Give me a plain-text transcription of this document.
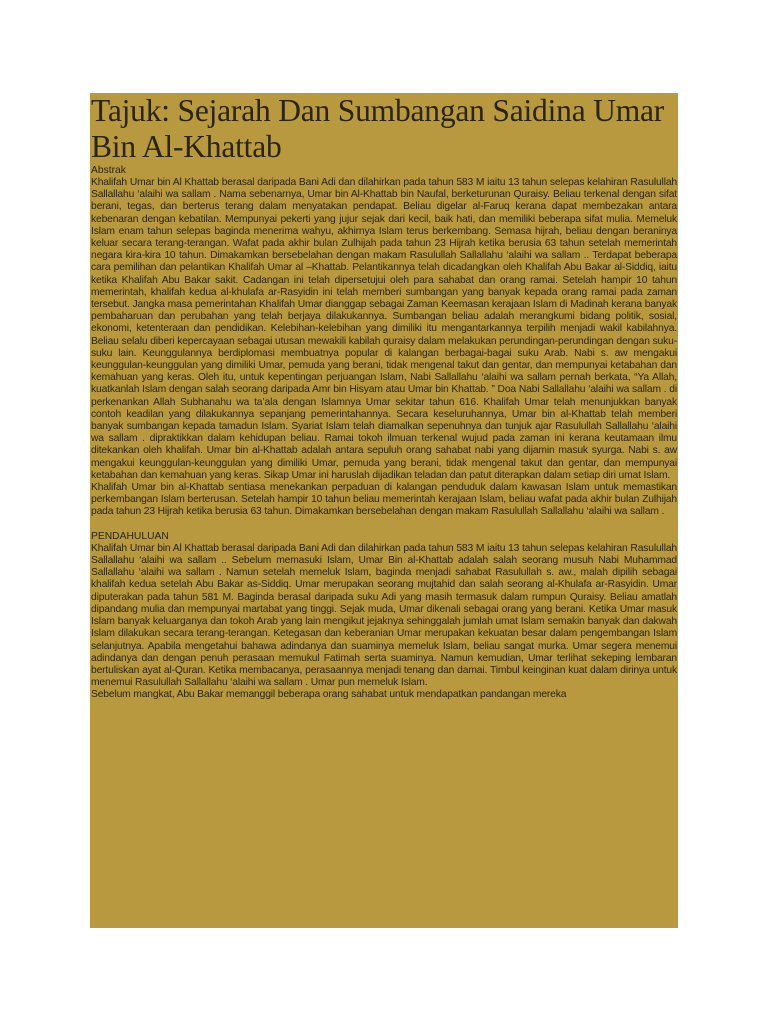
Tajuk: Sejarah Dan Sumbangan Saidina Umar Bin Al-Khattab
Abstrak

Khalifah Umar bin Al Khattab berasal daripada Bani Adi dan dilahirkan pada tahun 583 M iaitu 13 tahun selepas kelahiran Rasulullah Sallallahu ‘alaihi wa sallam . Nama sebenarnya, Umar bin Al-Khattab bin Naufal, berketurunan Quraisy. Beliau terkenal dengan sifat berani, tegas, dan berterus terang dalam menyatakan pendapat. Beliau digelar al-Faruq kerana dapat membezakan antara kebenaran dengan kebatilan. Mempunyai pekerti yang jujur sejak dari kecil, baik hati, dan memiliki beberapa sifat mulia. Memeluk Islam enam tahun selepas baginda menerima wahyu, akhirnya Islam terus berkembang. Semasa hijrah, beliau dengan beraninya keluar secara terang-terangan. Wafat pada akhir bulan Zulhijah pada tahun 23 Hijrah ketika berusia 63 tahun setelah memerintah negara kira-kira 10 tahun. Dimakamkan bersebelahan dengan makam Rasulullah Sallallahu ‘alaihi wa sallam .. Terdapat beberapa cara pemilihan dan pelantikan Khalifah Umar al –Khattab. Pelantikannya telah dicadangkan oleh Khalifah Abu Bakar al-Siddiq, iaitu ketika Khalifah Abu Bakar sakit. Cadangan ini telah dipersetujui oleh para sahabat dan orang ramai. Setelah hampir 10 tahun memerintah, khalifah kedua al-khulafa ar-Rasyidin ini telah memberi sumbangan yang banyak kepada orang ramai pada zaman tersebut. Jangka masa pemerintahan Khalifah Umar dianggap sebagai Zaman Keemasan kerajaan Islam di Madinah kerana banyak pembaharuan dan perubahan yang telah berjaya dilakukannya. Sumbangan beliau adalah merangkumi bidang politik, sosial, ekonomi, ketenteraan dan pendidikan. Kelebihan-kelebihan yang dimiliki itu mengantarkannya terpilih menjadi wakil kabilahnya. Beliau selalu diberi kepercayaan sebagai utusan mewakili kabilah quraisy dalam melakukan perundingan-perundingan dengan suku-suku lain. Keunggulannya berdiplomasi membuatnya popular di kalangan berbagai-bagai suku Arab. Nabi s. aw mengakui keunggulan-keunggulan yang dimiliki Umar, pemuda yang berani, tidak mengenal takut dan gentar, dan mempunyai ketabahan dan kemahuan yang keras. Oleh itu, untuk kepentingan perjuangan Islam, Nabi Sallallahu ‘alaihi wa sallam pernah berkata, “Ya Allah, kuatkanlah Islam dengan salah seorang daripada Amr bin Hisyam atau Umar bin Khattab. ” Doa Nabi Sallallahu ‘alaihi wa sallam . di perkenankan Allah Subhanahu wa ta’ala dengan Islamnya Umar sekitar tahun 616. Khalifah Umar telah menunjukkan banyak contoh keadilan yang dilakukannya sepanjang pemerintahannya. Secara keseluruhannya, Umar bin al-Khattab telah memberi banyak sumbangan kepada tamadun Islam. Syariat Islam telah diamalkan sepenuhnya dan tunjuk ajar Rasulullah Sallallahu ‘alaihi wa sallam . dipraktikkan dalam kehidupan beliau. Ramai tokoh ilmuan terkenal wujud pada zaman ini kerana keutamaan ilmu ditekankan oleh khalifah. Umar bin al-Khattab adalah antara sepuluh orang sahabat nabi yang dijamin masuk syurga. Nabi s. aw mengakui keunggulan-keunggulan yang dimiliki Umar, pemuda yang berani, tidak mengenal takut dan gentar, dan mempunyai ketabahan dan kemahuan yang keras. Sikap Umar ini haruslah dijadikan teladan dan patut diterapkan dalam setiap diri umat Islam.

Khalifah Umar bin al-Khattab sentiasa menekankan perpaduan di kalangan penduduk dalam kawasan Islam untuk memastikan perkembangan Islam berterusan. Setelah hampir 10 tahun beliau memerintah kerajaan Islam, beliau wafat pada akhir bulan Zulhijah pada tahun 23 Hijrah ketika berusia 63 tahun. Dimakamkan bersebelahan dengan makam Rasulullah Sallallahu ‘alaihi wa sallam .

PENDAHULUAN

Khalifah Umar bin Al Khattab berasal daripada Bani Adi dan dilahirkan pada tahun 583 M iaitu 13 tahun selepas kelahiran Rasulullah Sallallahu ‘alaihi wa sallam .. Sebelum memasuki Islam, Umar Bin al-Khattab adalah salah seorang musuh Nabi Muhammad Sallallahu ‘alaihi wa sallam . Namun setelah memeluk Islam, baginda menjadi sahabat Rasulullah s. aw., malah dipilih sebagai khalifah kedua setelah Abu Bakar as-Siddiq. Umar merupakan seorang mujtahid dan salah seorang al-Khulafa ar-Rasyidin. Umar diputerakan pada tahun 581 M. Baginda berasal daripada suku Adi yang masih termasuk dalam rumpun Quraisy. Beliau amatlah dipandang mulia dan mempunyai martabat yang tinggi. Sejak muda, Umar dikenali sebagai orang yang berani. Ketika Umar masuk Islam banyak keluarganya dan tokoh Arab yang lain mengikut jejaknya sehinggalah jumlah umat Islam semakin banyak dan dakwah Islam dilakukan secara terang-terangan. Ketegasan dan keberanian Umar merupakan kekuatan besar dalam pengembangan Islam selanjutnya. Apabila mengetahui bahawa adindanya dan suaminya memeluk Islam, beliau sangat murka. Umar segera menemui adindanya dan dengan penuh perasaan memukul Fatimah serta suaminya. Namun kemudian, Umar terlihat sekeping lembaran bertuliskan ayat al-Quran. Ketika membacanya, perasaannya menjadi tenang dan damai. Timbul keinginan kuat dalam dirinya untuk menemui Rasulullah Sallallahu ‘alaihi wa sallam . Umar pun memeluk Islam.

Sebelum mangkat, Abu Bakar memanggil beberapa orang sahabat untuk mendapatkan pandangan mereka
